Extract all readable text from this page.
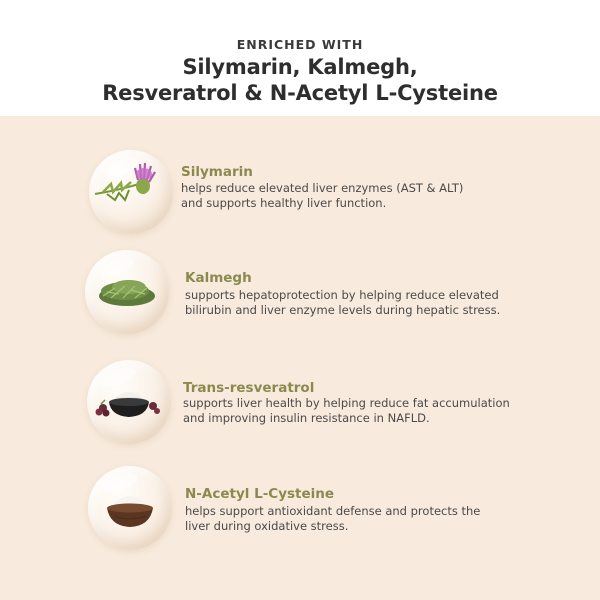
ENRICHED WITH
Silymarin, Kalmegh,
Resveratrol & N-Acetyl L-Cysteine
Silymarin
helps reduce elevated liver enzymes (AST & ALT)
and supports healthy liver function.
Kalmegh
supports hepatoprotection by helping reduce elevated
bilirubin and liver enzyme levels during hepatic stress.
Trans-resveratrol
supports liver health by helping reduce fat accumulation
and improving insulin resistance in NAFLD.
N-Acetyl L-Cysteine
helps support antioxidant defense and protects the
liver during oxidative stress.
